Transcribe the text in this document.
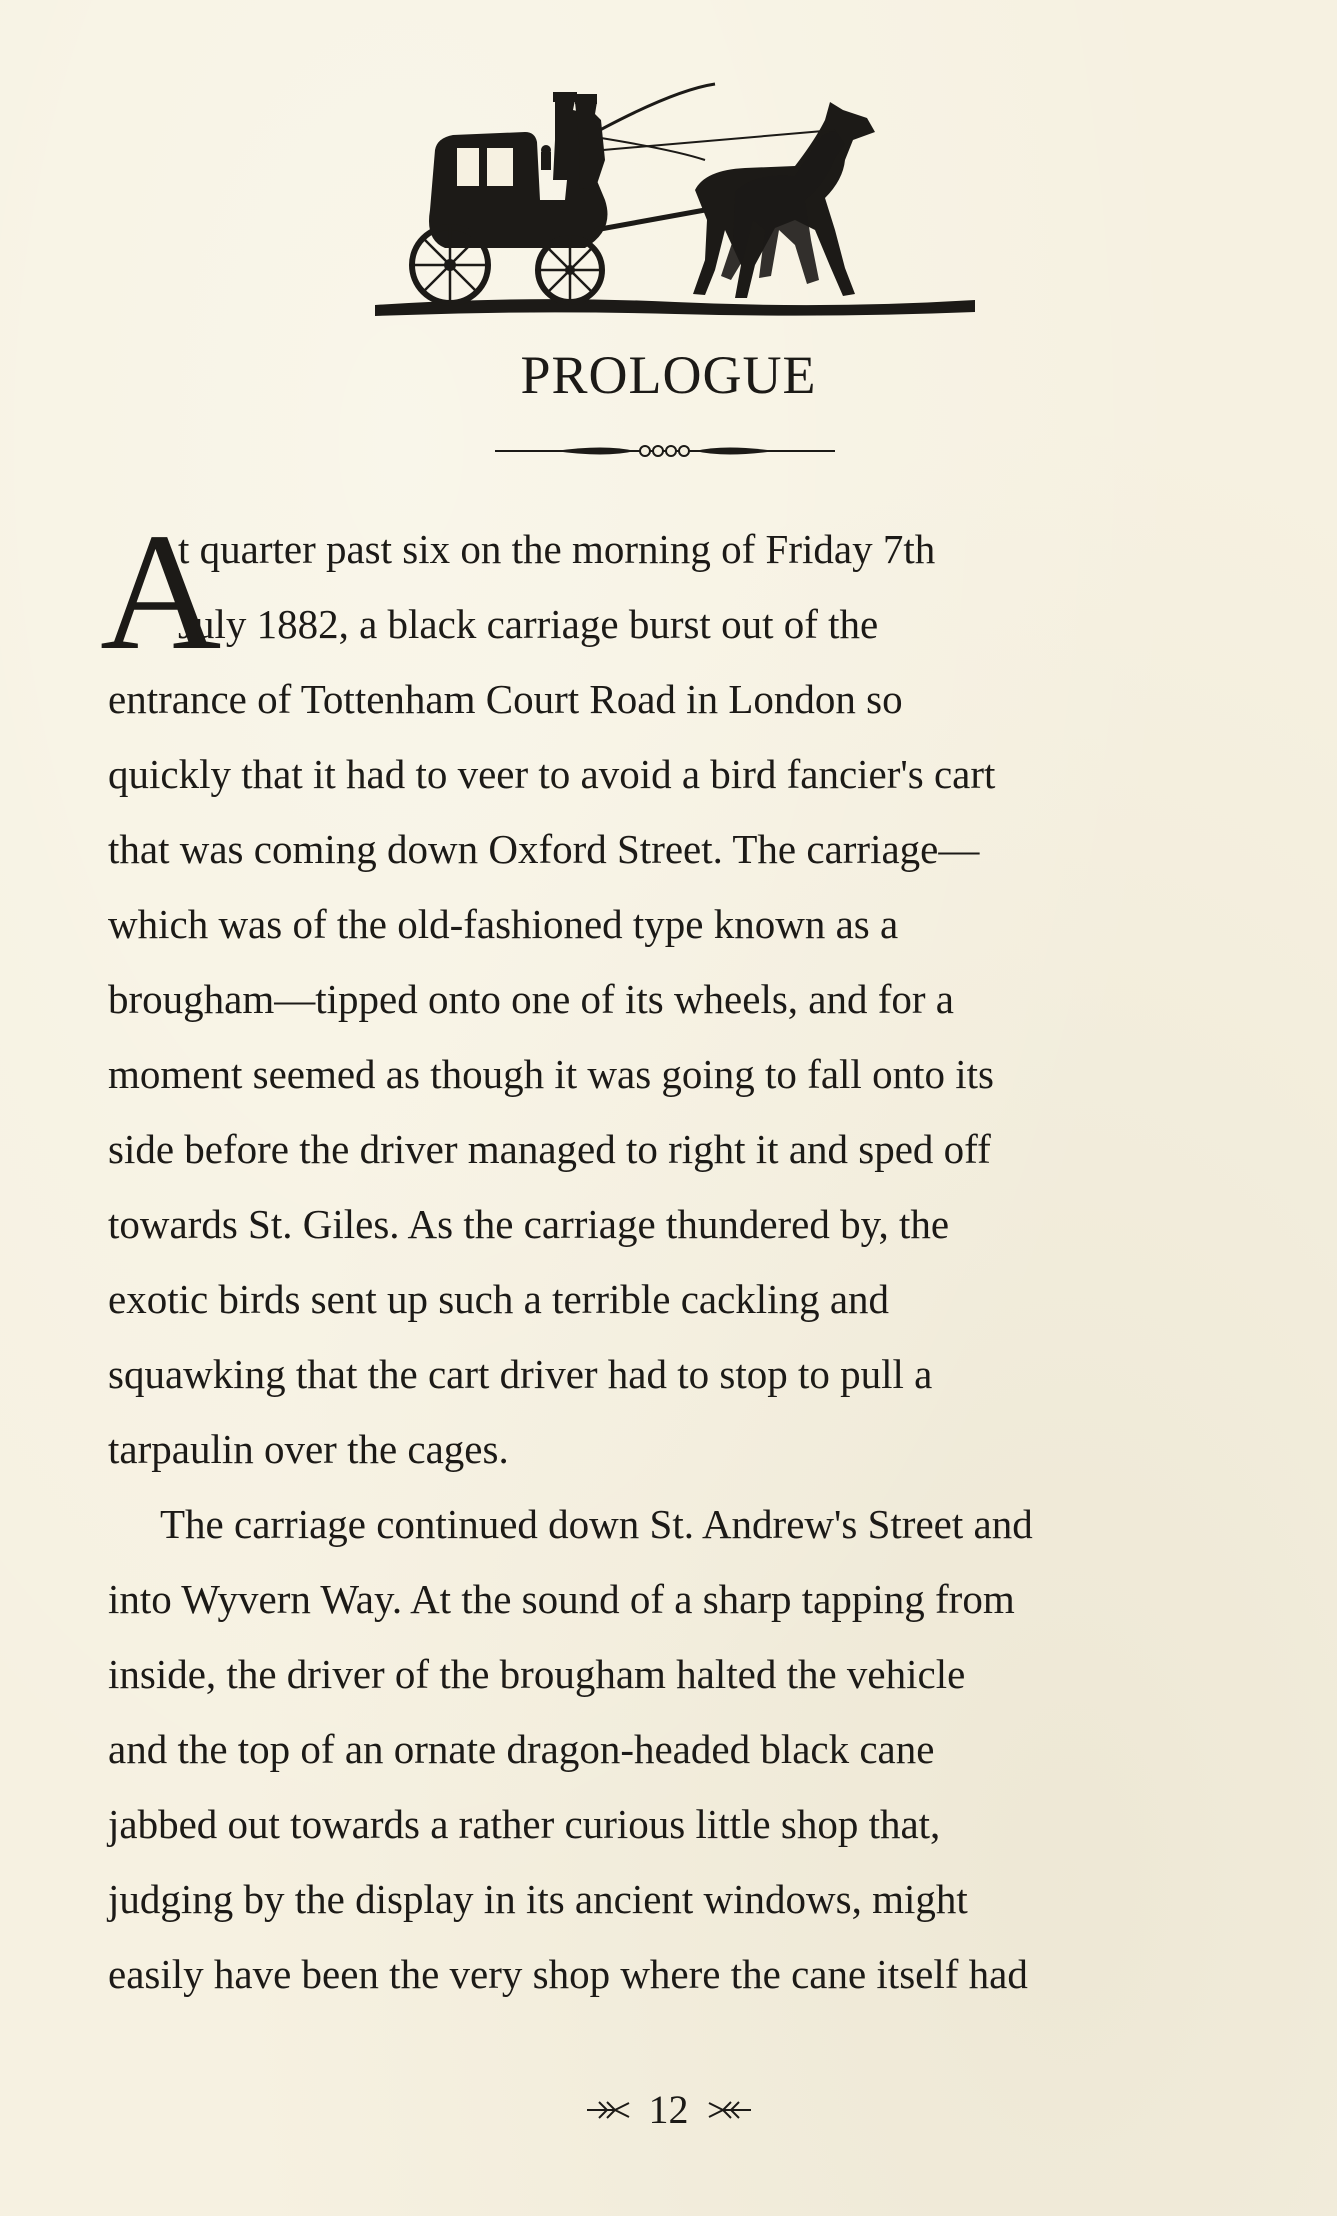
PROLOGUE
A
t quarter past six on the morning of Friday 7th
July 1882, a black carriage burst out of the
entrance of Tottenham Court Road in London so
quickly that it had to veer to avoid a bird fancier's cart
that was coming down Oxford Street. The carriage—
which was of the old-fashioned type known as a
brougham—tipped onto one of its wheels, and for a
moment seemed as though it was going to fall onto its
side before the driver managed to right it and sped off
towards St. Giles. As the carriage thundered by, the
exotic birds sent up such a terrible cackling and
squawking that the cart driver had to stop to pull a
tarpaulin over the cages.
The carriage continued down St. Andrew's Street and
into Wyvern Way. At the sound of a sharp tapping from
inside, the driver of the brougham halted the vehicle
and the top of an ornate dragon-headed black cane
jabbed out towards a rather curious little shop that,
judging by the display in its ancient windows, might
easily have been the very shop where the cane itself had
12
